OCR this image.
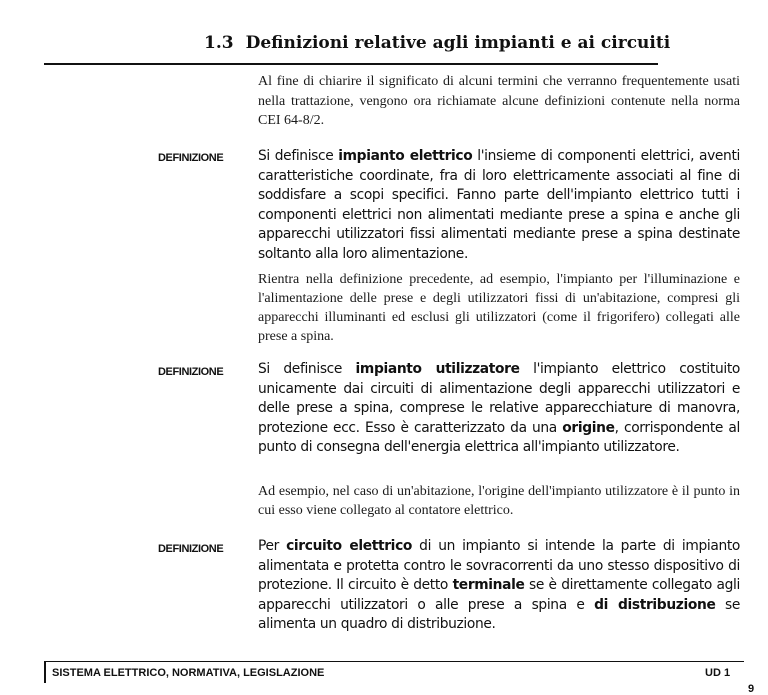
1.3 Definizioni relative agli impianti e ai circuiti
Al fine di chiarire il significato di alcuni termini che verranno frequentemente usati nella trattazione, vengono ora richiamate alcune definizioni contenute nella norma CEI 64-8/2.
DEFINIZIONE	Si definisce impianto elettrico l'insieme di componenti elettrici, aventi caratteristiche coordinate, fra di loro elettricamente associati al fine di soddisfare a scopi specifici. Fanno parte dell'impianto elettrico tutti i componenti elettrici non alimentati mediante prese a spina e anche gli apparecchi utilizzatori fissi alimentati mediante prese a spina destinate soltanto alla loro alimentazione.
Rientra nella definizione precedente, ad esempio, l'impianto per l'illuminazione e l'alimentazione delle prese e degli utilizzatori fissi di un'abitazione, compresi gli apparecchi illuminanti ed esclusi gli utilizzatori (come il frigorifero) collegati alle prese a spina.
DEFINIZIONE	Si definisce impianto utilizzatore l'impianto elettrico costituito unicamente dai circuiti di alimentazione degli apparecchi utilizzatori e delle prese a spina, comprese le relative apparecchiature di manovra, protezione ecc. Esso è caratterizzato da una origine, corrispondente al punto di consegna dell'energia elettrica all'impianto utilizzatore.
Ad esempio, nel caso di un'abitazione, l'origine dell'impianto utilizzatore è il punto in cui esso viene collegato al contatore elettrico.
DEFINIZIONE	Per circuito elettrico di un impianto si intende la parte di impianto alimentata e protetta contro le sovracorrenti da uno stesso dispositivo di protezione. Il circuito è detto terminale se è direttamente collegato agli apparecchi utilizzatori o alle prese a spina e di distribuzione se alimenta un quadro di distribuzione.
SISTEMA ELETTRICO, NORMATIVA, LEGISLAZIONE	UD 1
9
